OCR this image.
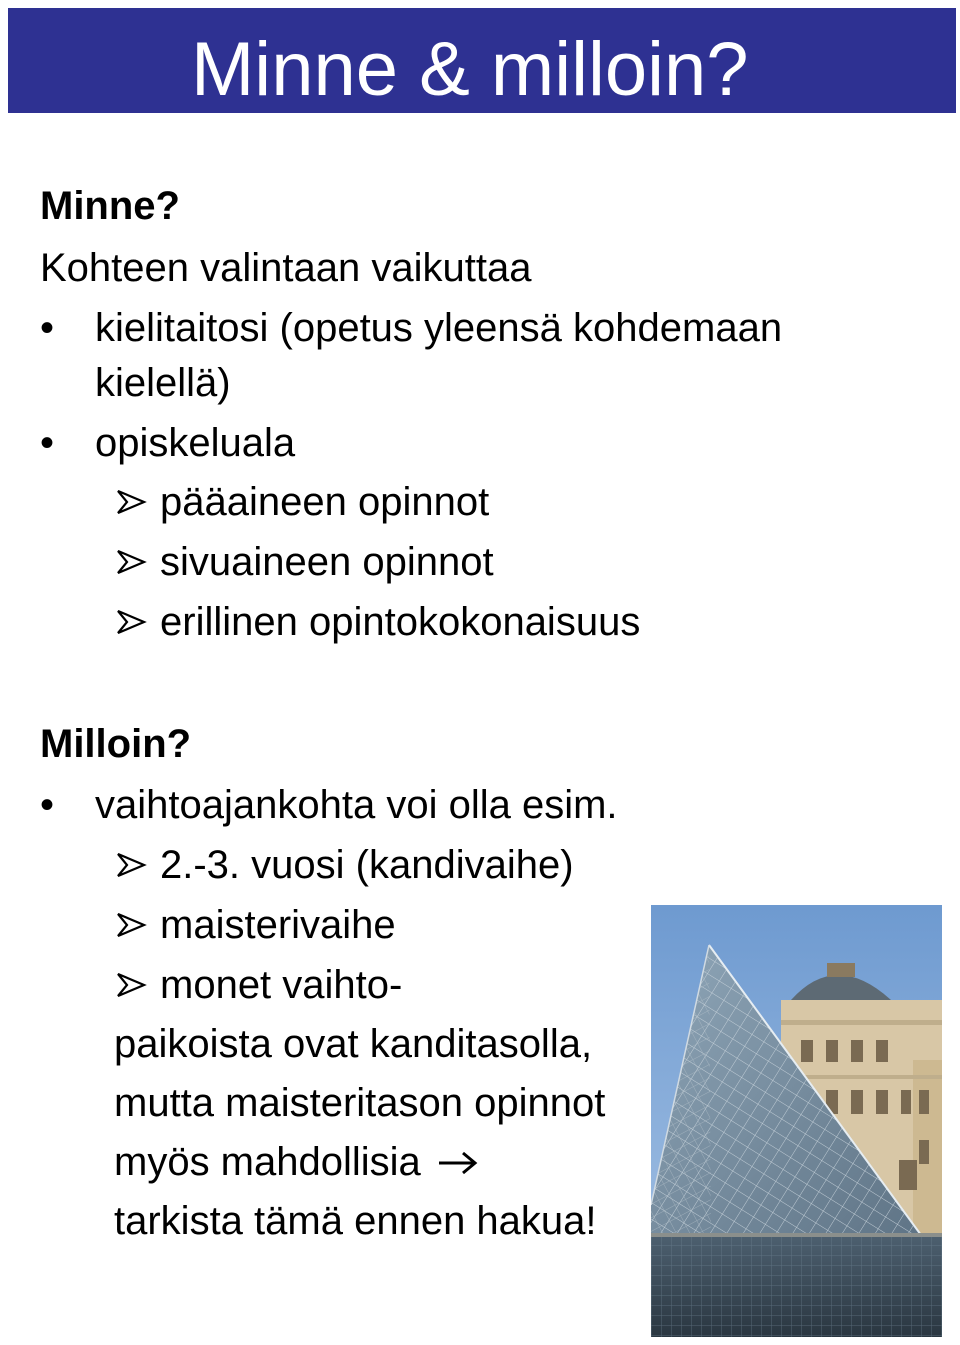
Minne & milloin?
Minne?
Kohteen valintaan vaikuttaa
• kielitaitosi (opetus yleensä kohdemaan
kielellä)
• opiskeluala
pääaineen opinnot
sivuaineen opinnot
erillinen opintokokonaisuus
Milloin?
• vaihtoajankohta voi olla esim.
2.-3. vuosi (kandivaihe)
maisterivaihe
monet vaihto-
paikoista ovat kanditasolla,
mutta maisteritason opinnot
myös mahdollisia
tarkista tämä ennen hakua!
